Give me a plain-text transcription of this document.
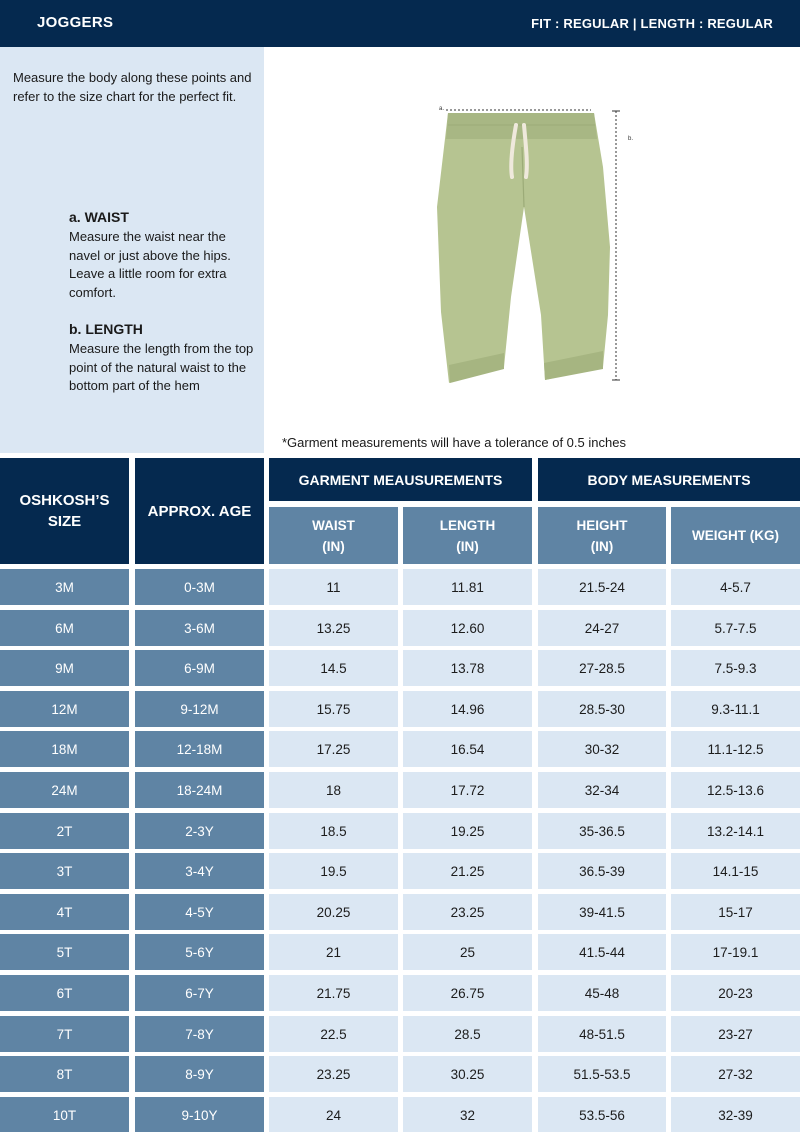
JOGGERS	FIT : REGULAR | LENGTH : REGULAR
Measure the body along these points and refer to the size chart for the perfect fit.
a. WAIST
Measure the waist near the navel or just above the hips. Leave a little room for extra comfort.
b. LENGTH
Measure the length from the top point of the natural waist to the bottom part of the hem
a.
b.
*Garment measurements will have a tolerance of 0.5 inches
OSHKOSH’S SIZE
APPROX. AGE
GARMENT MEAUSUREMENTS	BODY MEASUREMENTS
WAIST (IN)
LENGTH (IN)
HEIGHT (IN)
WEIGHT (KG)
3M	0-3M	11	11.81	21.5-24	4-5.7
6M	3-6M	13.25	12.60	24-27	5.7-7.5
9M	6-9M	14.5	13.78	27-28.5	7.5-9.3
12M	9-12M	15.75	14.96	28.5-30	9.3-11.1
18M	12-18M	17.25	16.54	30-32	11.1-12.5
24M	18-24M	18	17.72	32-34	12.5-13.6
2T	2-3Y	18.5	19.25	35-36.5	13.2-14.1
3T	3-4Y	19.5	21.25	36.5-39	14.1-15
4T	4-5Y	20.25	23.25	39-41.5	15-17
5T	5-6Y	21	25	41.5-44	17-19.1
6T	6-7Y	21.75	26.75	45-48	20-23
7T	7-8Y	22.5	28.5	48-51.5	23-27
8T	8-9Y	23.25	30.25	51.5-53.5	27-32
10T	9-10Y	24	32	53.5-56	32-39
